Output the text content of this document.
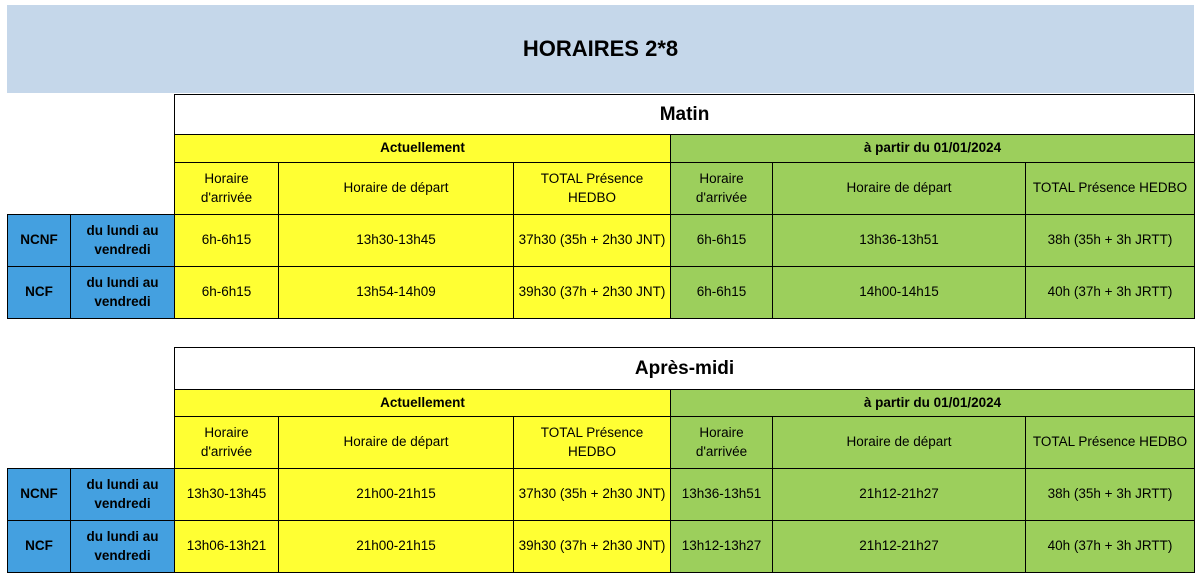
HORAIRES 2*8
		Matin					
		Actuellement			à partir du 01/01/2024		
		Horaire d'arrivée	Horaire de départ	TOTAL Présence HEDBO	Horaire d'arrivée	Horaire de départ	TOTAL Présence HEDBO
NCNF	du lundi au vendredi	6h-6h15	13h30-13h45	37h30 (35h + 2h30 JNT)	6h-6h15	13h36-13h51	38h (35h + 3h JRTT)
NCF	du lundi au vendredi	6h-6h15	13h54-14h09	39h30 (37h + 2h30 JNT)	6h-6h15	14h00-14h15	40h (37h + 3h JRTT)
		Après-midi					
		Actuellement			à partir du 01/01/2024		
		Horaire d'arrivée	Horaire de départ	TOTAL Présence HEDBO	Horaire d'arrivée	Horaire de départ	TOTAL Présence HEDBO
NCNF	du lundi au vendredi	13h30-13h45	21h00-21h15	37h30 (35h + 2h30 JNT)	13h36-13h51	21h12-21h27	38h (35h + 3h JRTT)
NCF	du lundi au vendredi	13h06-13h21	21h00-21h15	39h30 (37h + 2h30 JNT)	13h12-13h27	21h12-21h27	40h (37h + 3h JRTT)
